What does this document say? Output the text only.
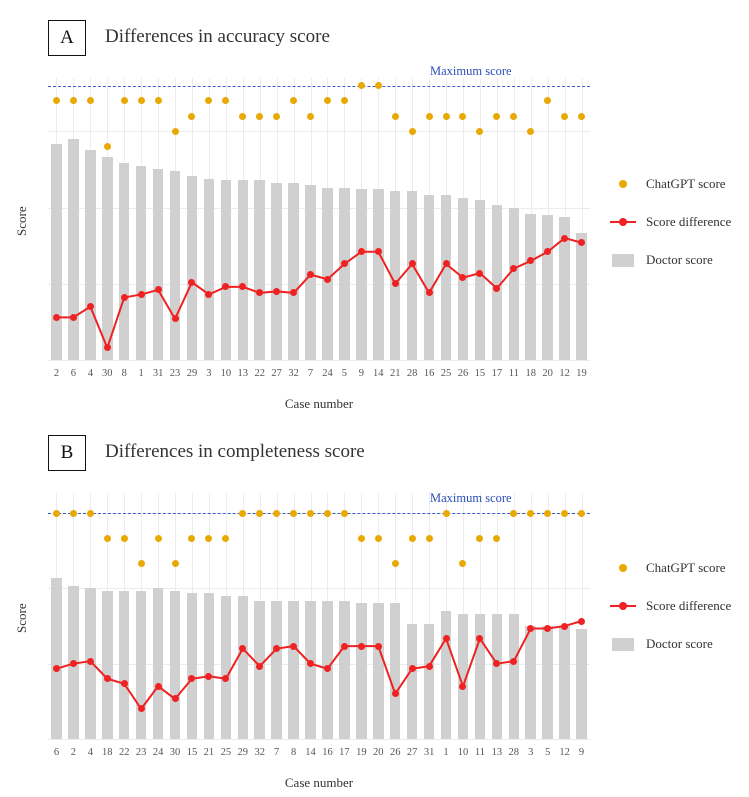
A Differences in accuracy score
Case number
Score
ChatGPT score
Score difference
Doctor score
Maximum score
2	6	4 30 8	1 31 23 29 3 10 13 22 27 32 7 24 5	9 14 21 28 16 25 26 15 17 11 18 20 12 19
B Differences in completeness score
Case number
Score
ChatGPT score
Score difference
Doctor score
Maximum score
6	2	4 18 22 23 24 30 15 21 25 29 32 7	8 14 16 17 19 20 26 27 31 1 10 11 13 28 3	5 12 9
